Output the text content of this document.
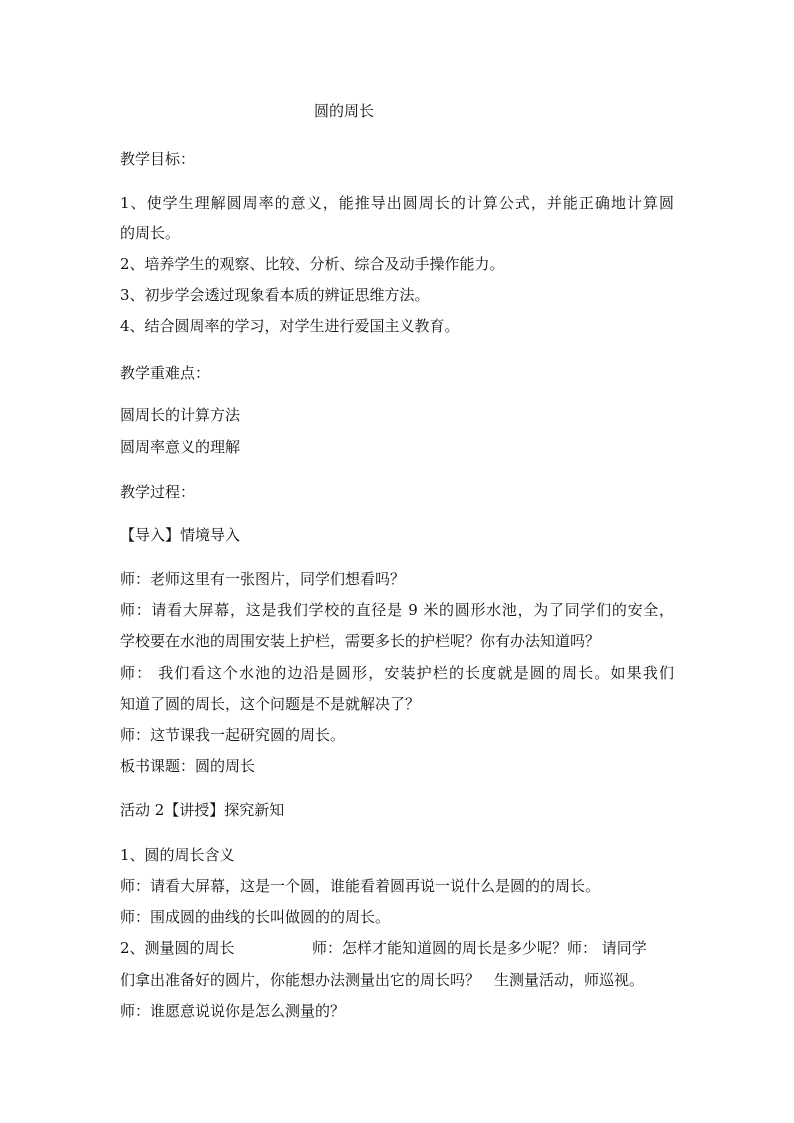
圆的周长
教学目标：
1、使学生理解圆周率的意义，能推导出圆周长的计算公式，并能正确地计算圆
的周长。
2、培养学生的观察、比较、分析、综合及动手操作能力。
3、初步学会透过现象看本质的辨证思维方法。
4、结合圆周率的学习，对学生进行爱国主义教育。
教学重难点：
圆周长的计算方法
圆周率意义的理解
教学过程：
【导入】情境导入
师：老师这里有一张图片，同学们想看吗？
师：请看大屏幕，这是我们学校的直径是 9 米的圆形水池，为了同学们的安全，
学校要在水池的周围安装上护栏，需要多长的护栏呢？你有办法知道吗？
师： 我们看这个水池的边沿是圆形，安装护栏的长度就是圆的周长。如果我们
知道了圆的周长，这个问题是不是就解决了？
师：这节课我一起研究圆的周长。
板书课题：圆的周长
活动 2【讲授】探究新知
1、圆的周长含义
师：请看大屏幕，这是一个圆，谁能看着圆再说一说什么是圆的的周长。
师：围成圆的曲线的长叫做圆的的周长。
2、测量圆的周长	师：怎样才能知道圆的周长是多少呢？师： 请同学
们拿出准备好的圆片，你能想办法测量出它的周长吗？ 生测量活动，师巡视。
师：谁愿意说说你是怎么测量的？
